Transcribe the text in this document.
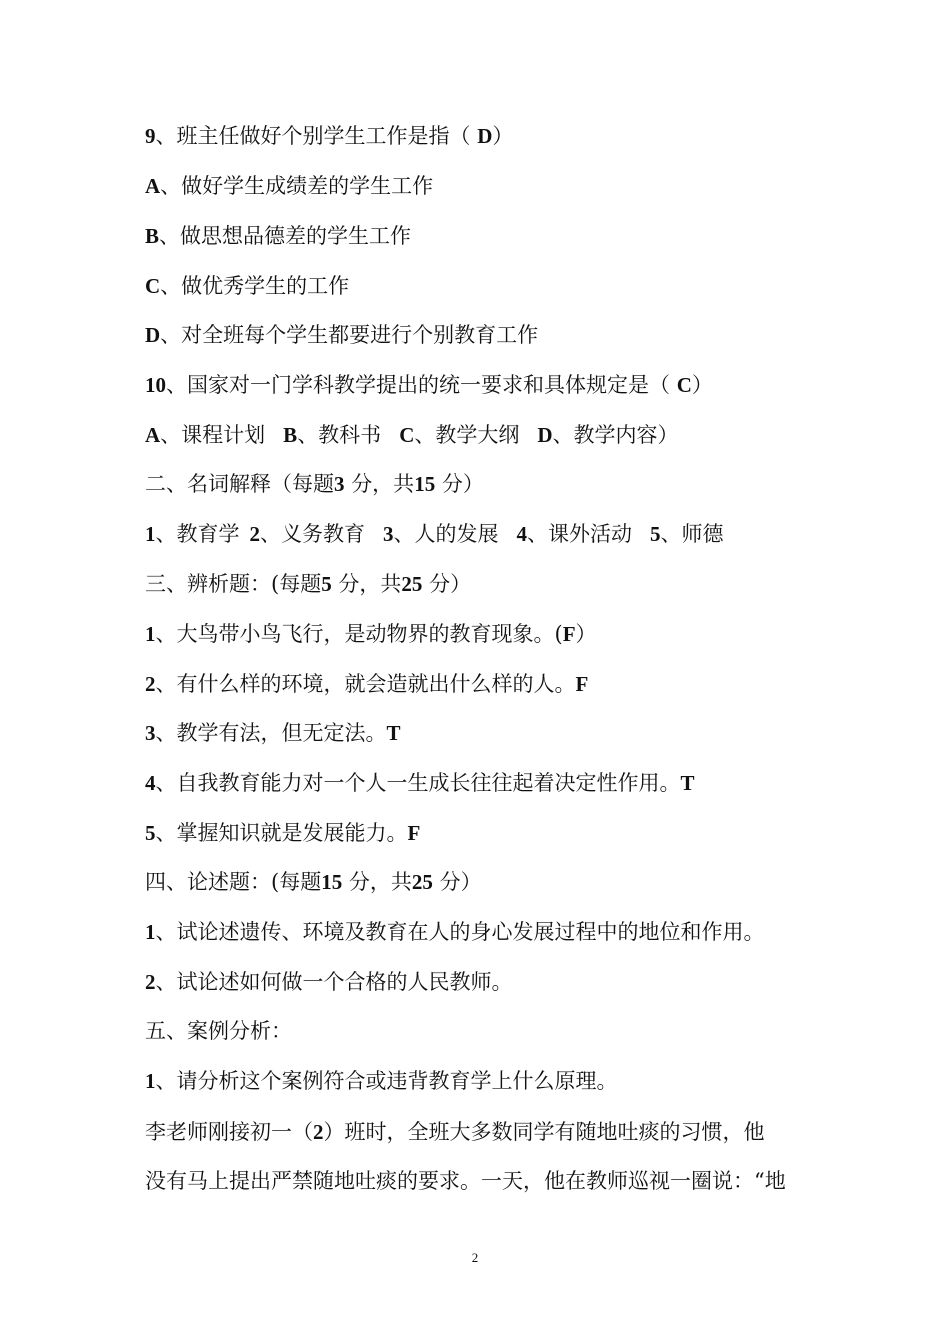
9、班主任做好个别学生工作是指（ D）
A、做好学生成绩差的学生工作
B、做思想品德差的学生工作
C、做优秀学生的工作
D、对全班每个学生都要进行个别教育工作
10、国家对一门学科教学提出的统一要求和具体规定是（ C）
A、课程计划 B、教科书 C、教学大纲 D、教学内容）
二、名词解释（每题3 分，共15 分）
1、教育学 2、义务教育 3、人的发展 4、课外活动 5、师德
三、辨析题：(每题5 分，共25 分）
1、大鸟带小鸟飞行，是动物界的教育现象。(F）
2、有什么样的环境，就会造就出什么样的人。F
3、教学有法，但无定法。T
4、自我教育能力对一个人一生成长往往起着决定性作用。T
5、掌握知识就是发展能力。F
四、论述题：(每题15 分，共25 分）
1、试论述遗传、环境及教育在人的身心发展过程中的地位和作用。
2、试论述如何做一个合格的人民教师。
五、案例分析：
1、请分析这个案例符合或违背教育学上什么原理。
李老师刚接初一（2）班时，全班大多数同学有随地吐痰的习惯，他
没有马上提出严禁随地吐痰的要求。一天，他在教师巡视一圈说：“地
2
